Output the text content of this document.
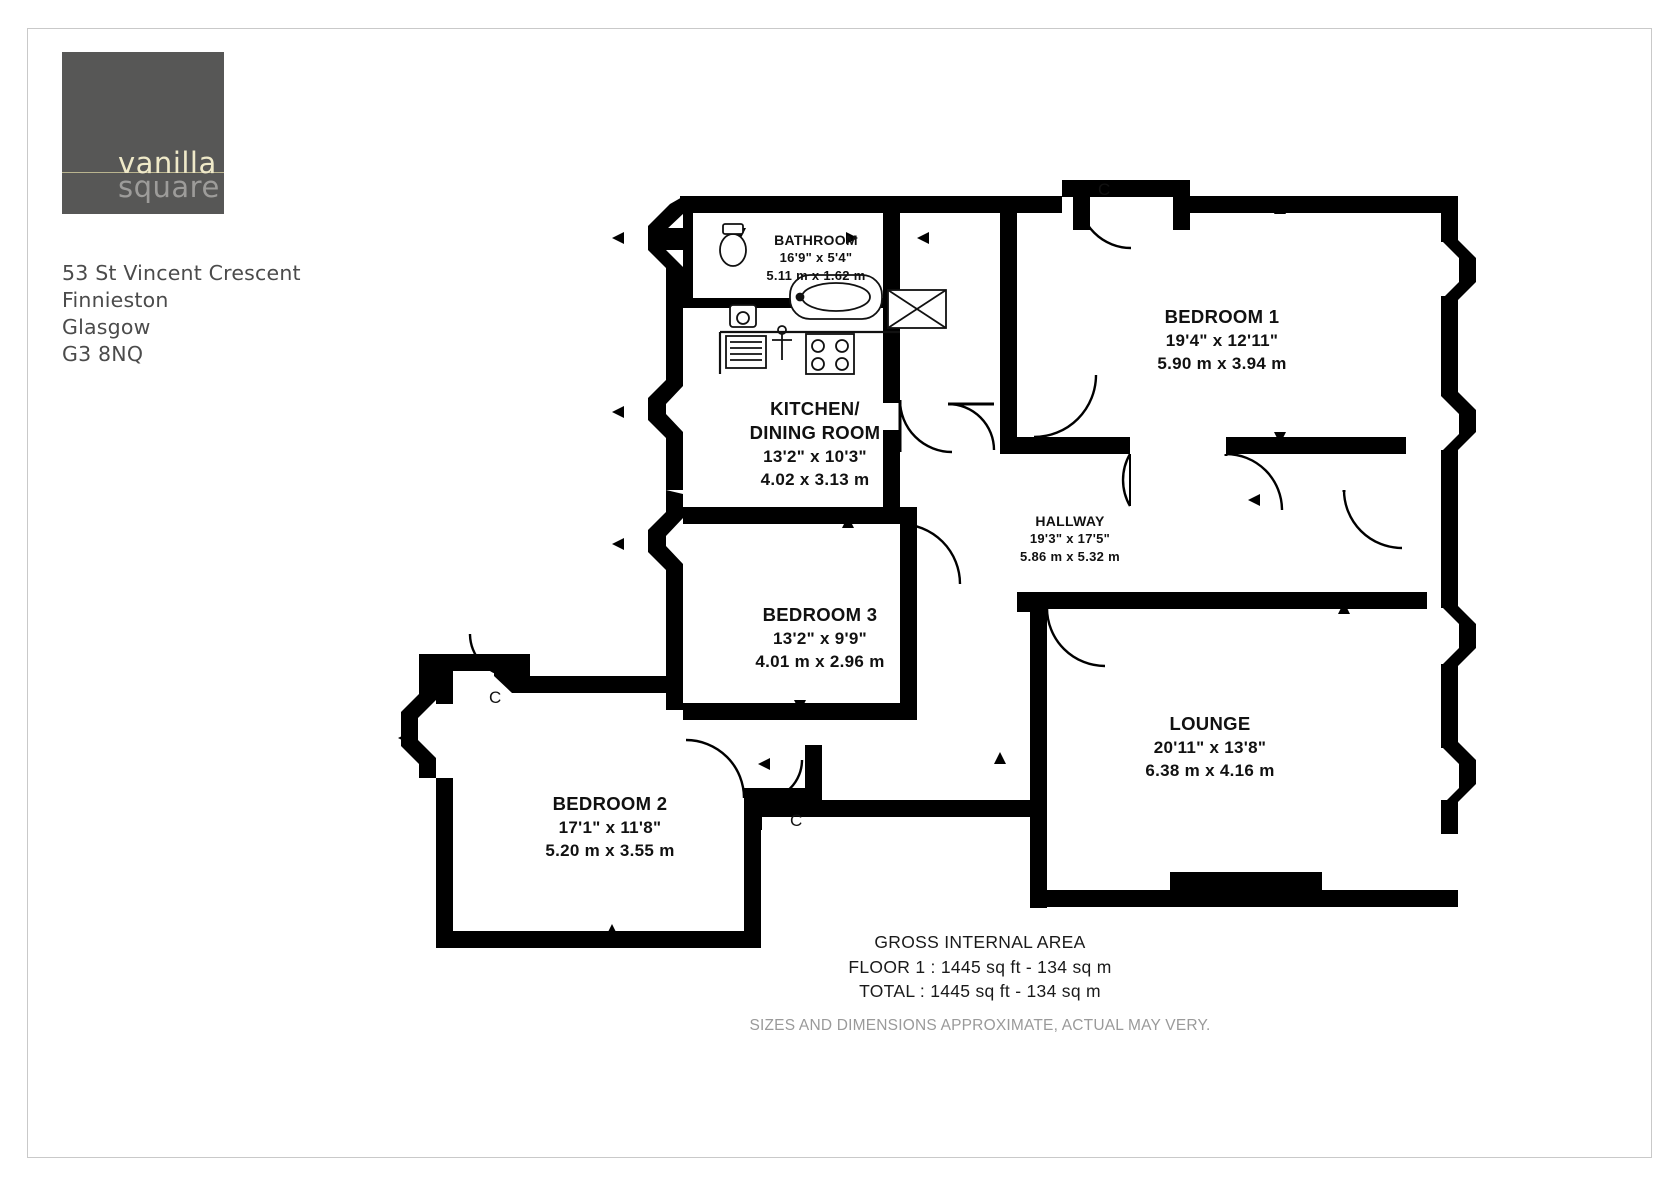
vanilla
square
53 St Vincent Crescent
Finnieston
Glasgow
G3 8NQ
BATHROOM
16'9" x 5'4"
5.11 m x 1.62 m
KITCHEN/
DINING ROOM
13'2" x 10'3"
4.02 x 3.13 m
BEDROOM 1
19'4" x 12'11"
5.90 m x 3.94 m
HALLWAY
19'3" x 17'5"
5.86 m x 5.32 m
BEDROOM 3
13'2" x 9'9"
4.01 m x 2.96 m
LOUNGE
20'11" x 13'8"
6.38 m x 4.16 m
BEDROOM 2
17'1" x 11'8"
5.20 m x 3.55 m
C
C
C
GROSS INTERNAL AREA
FLOOR 1 : 1445 sq ft - 134 sq m
TOTAL : 1445 sq ft - 134 sq m
SIZES AND DIMENSIONS APPROXIMATE, ACTUAL MAY VERY.
